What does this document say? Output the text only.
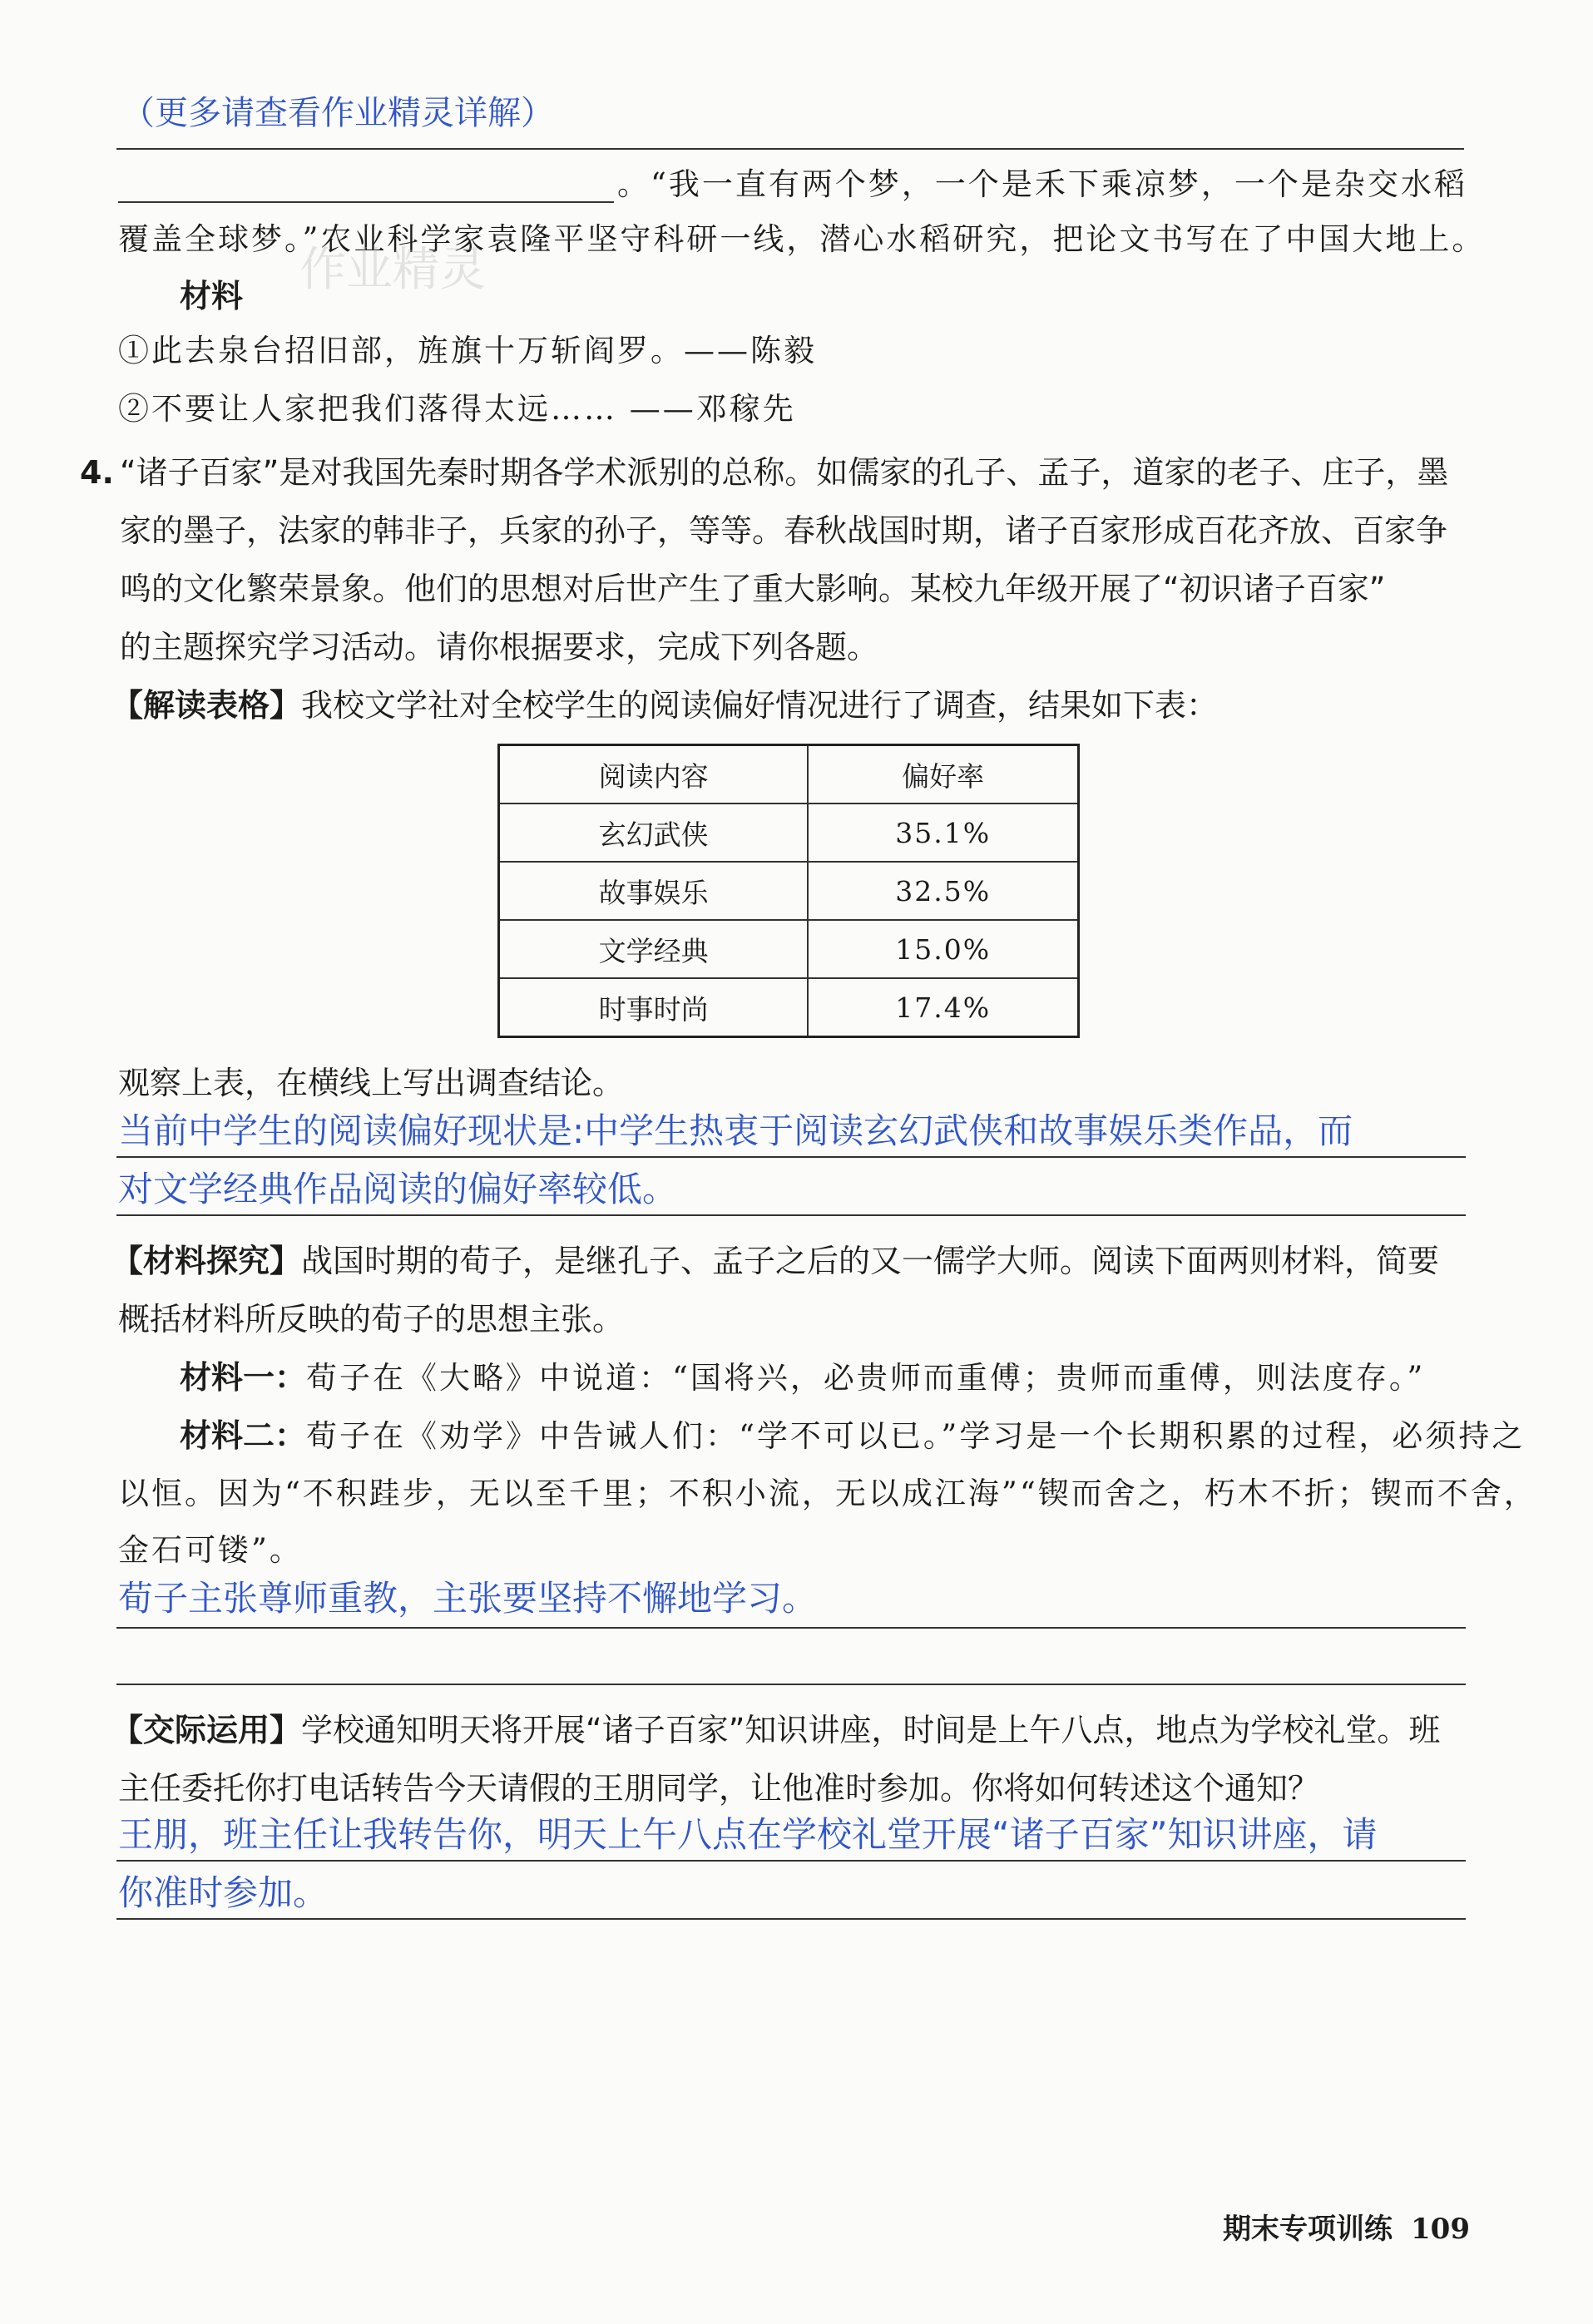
（更多请查看作业精灵详解）
。“我一直有两个梦，一个是禾下乘凉梦，一个是杂交水稻
覆盖全球梦。”农业科学家袁隆平坚守科研一线，潜心水稻研究，把论文书写在了中国大地上。
作业精灵
材料
①此去泉台招旧部，旌旗十万斩阎罗。——陈毅
②不要让人家把我们落得太远…… ——邓稼先
4. “诸子百家”是对我国先秦时期各学术派别的总称。如儒家的孔子、孟子，道家的老子、庄子，墨
家的墨子，法家的韩非子，兵家的孙子，等等。春秋战国时期，诸子百家形成百花齐放、百家争
鸣的文化繁荣景象。他们的思想对后世产生了重大影响。某校九年级开展了“初识诸子百家”
的主题探究学习活动。请你根据要求，完成下列各题。
【解读表格】我校文学社对全校学生的阅读偏好情况进行了调查，结果如下表：
阅读内容	偏好率
玄幻武侠	35.1%
故事娱乐	32.5%
文学经典	15.0%
时事时尚	17.4%
观察上表，在横线上写出调查结论。
当前中学生的阅读偏好现状是:中学生热衷于阅读玄幻武侠和故事娱乐类作品，而
对文学经典作品阅读的偏好率较低。
【材料探究】战国时期的荀子，是继孔子、孟子之后的又一儒学大师。阅读下面两则材料，简要
概括材料所反映的荀子的思想主张。
材料一：荀子在《大略》中说道：“国将兴，必贵师而重傅；贵师而重傅，则法度存。”
材料二：荀子在《劝学》中告诫人们：“学不可以已。”学习是一个长期积累的过程，必须持之
以恒。因为“不积跬步，无以至千里；不积小流，无以成江海”“锲而舍之，朽木不折；锲而不舍，
金石可镂”。
荀子主张尊师重教，主张要坚持不懈地学习。
【交际运用】学校通知明天将开展“诸子百家”知识讲座，时间是上午八点，地点为学校礼堂。班
主任委托你打电话转告今天请假的王朋同学，让他准时参加。你将如何转述这个通知？
王朋，班主任让我转告你，明天上午八点在学校礼堂开展“诸子百家”知识讲座，请
你准时参加。
期末专项训练 109
